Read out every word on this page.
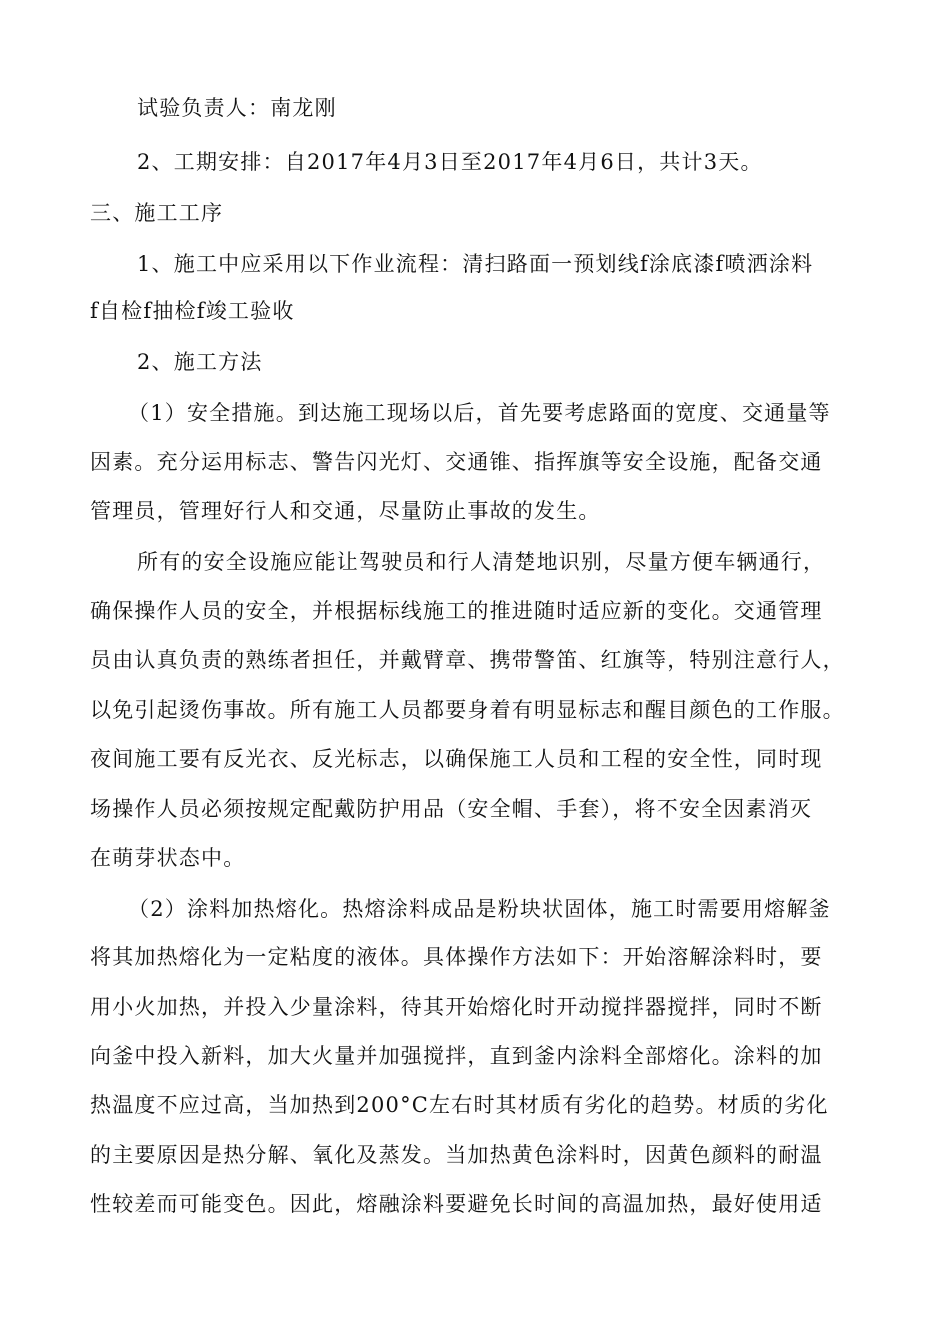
试验负责人：南龙刚
2、工期安排：自2017年4月3日至2017年4月6日，共计3天。
三、施工工序
1、施工中应采用以下作业流程：清扫路面一预划线f涂底漆f喷洒涂料
f自检f抽检f竣工验收
2、施工方法
（1）安全措施。到达施工现场以后，首先要考虑路面的宽度、交通量等
因素。充分运用标志、警告闪光灯、交通锥、指挥旗等安全设施，配备交通
管理员，管理好行人和交通，尽量防止事故的发生。
所有的安全设施应能让驾驶员和行人清楚地识别，尽量方便车辆通行，
确保操作人员的安全，并根据标线施工的推进随时适应新的变化。交通管理
员由认真负责的熟练者担任，并戴臂章、携带警笛、红旗等，特别注意行人，
以免引起烫伤事故。所有施工人员都要身着有明显标志和醒目颜色的工作服。
夜间施工要有反光衣、反光标志，以确保施工人员和工程的安全性，同时现
场操作人员必须按规定配戴防护用品（安全帽、手套），将不安全因素消灭
在萌芽状态中。
（2）涂料加热熔化。热熔涂料成品是粉块状固体，施工时需要用熔解釜
将其加热熔化为一定粘度的液体。具体操作方法如下：开始溶解涂料时，要
用小火加热，并投入少量涂料，待其开始熔化时开动搅拌器搅拌，同时不断
向釜中投入新料，加大火量并加强搅拌，直到釜内涂料全部熔化。涂料的加
热温度不应过高，当加热到200°C左右时其材质有劣化的趋势。材质的劣化
的主要原因是热分解、氧化及蒸发。当加热黄色涂料时，因黄色颜料的耐温
性较差而可能变色。因此，熔融涂料要避免长时间的高温加热，最好使用适
